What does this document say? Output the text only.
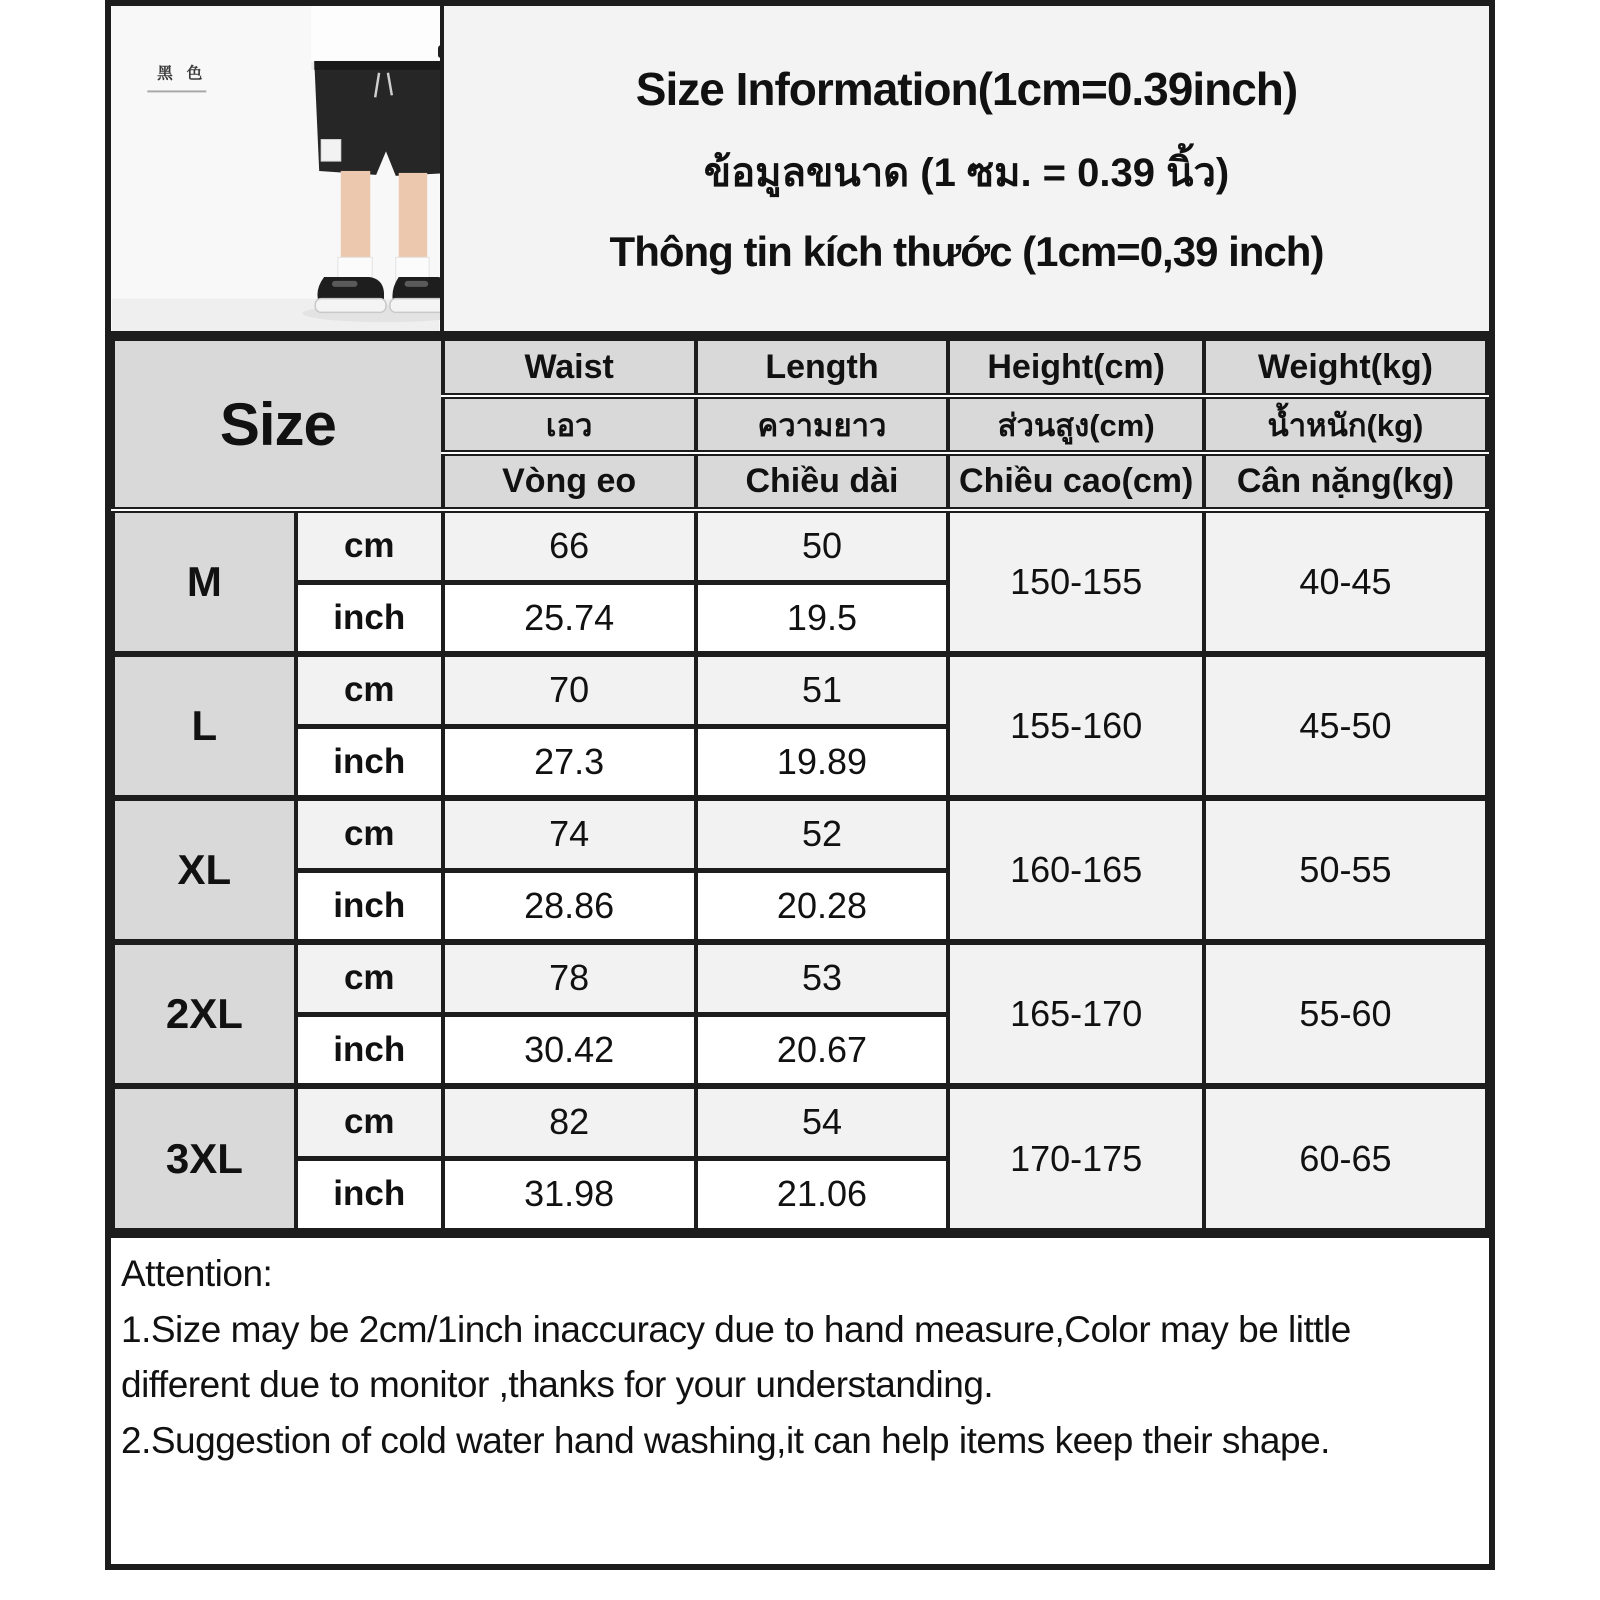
黑色	Size Information(1cm=0.39inch)
ข้อมูลขนาด (1 ซม. = 0.39 นิ้ว)
Thông tin kích thước (1cm=0,39 inch)
Size		Waist	Length	Height(cm)	Weight(kg)
		เอว	ความยาว	ส่วนสูง(cm)	น้ำหนัก(kg)
		Vòng eo	Chiều dài	Chiều cao(cm)	Cân nặng(kg)
M	cm	66	50	150-155	40-45
	inch	25.74	19.5		
L	cm	70	51	155-160	45-50
	inch	27.3	19.89		
XL	cm	74	52	160-165	50-55
	inch	28.86	20.28		
2XL	cm	78	53	165-170	55-60
	inch	30.42	20.67		
3XL	cm	82	54	170-175	60-65
	inch	31.98	21.06		

Attention:

1.Size may be 2cm/1inch inaccuracy due to hand measure,Color may be little different due to monitor ,thanks for your understanding.

2.Suggestion of cold water hand washing,it can help items keep their shape.
